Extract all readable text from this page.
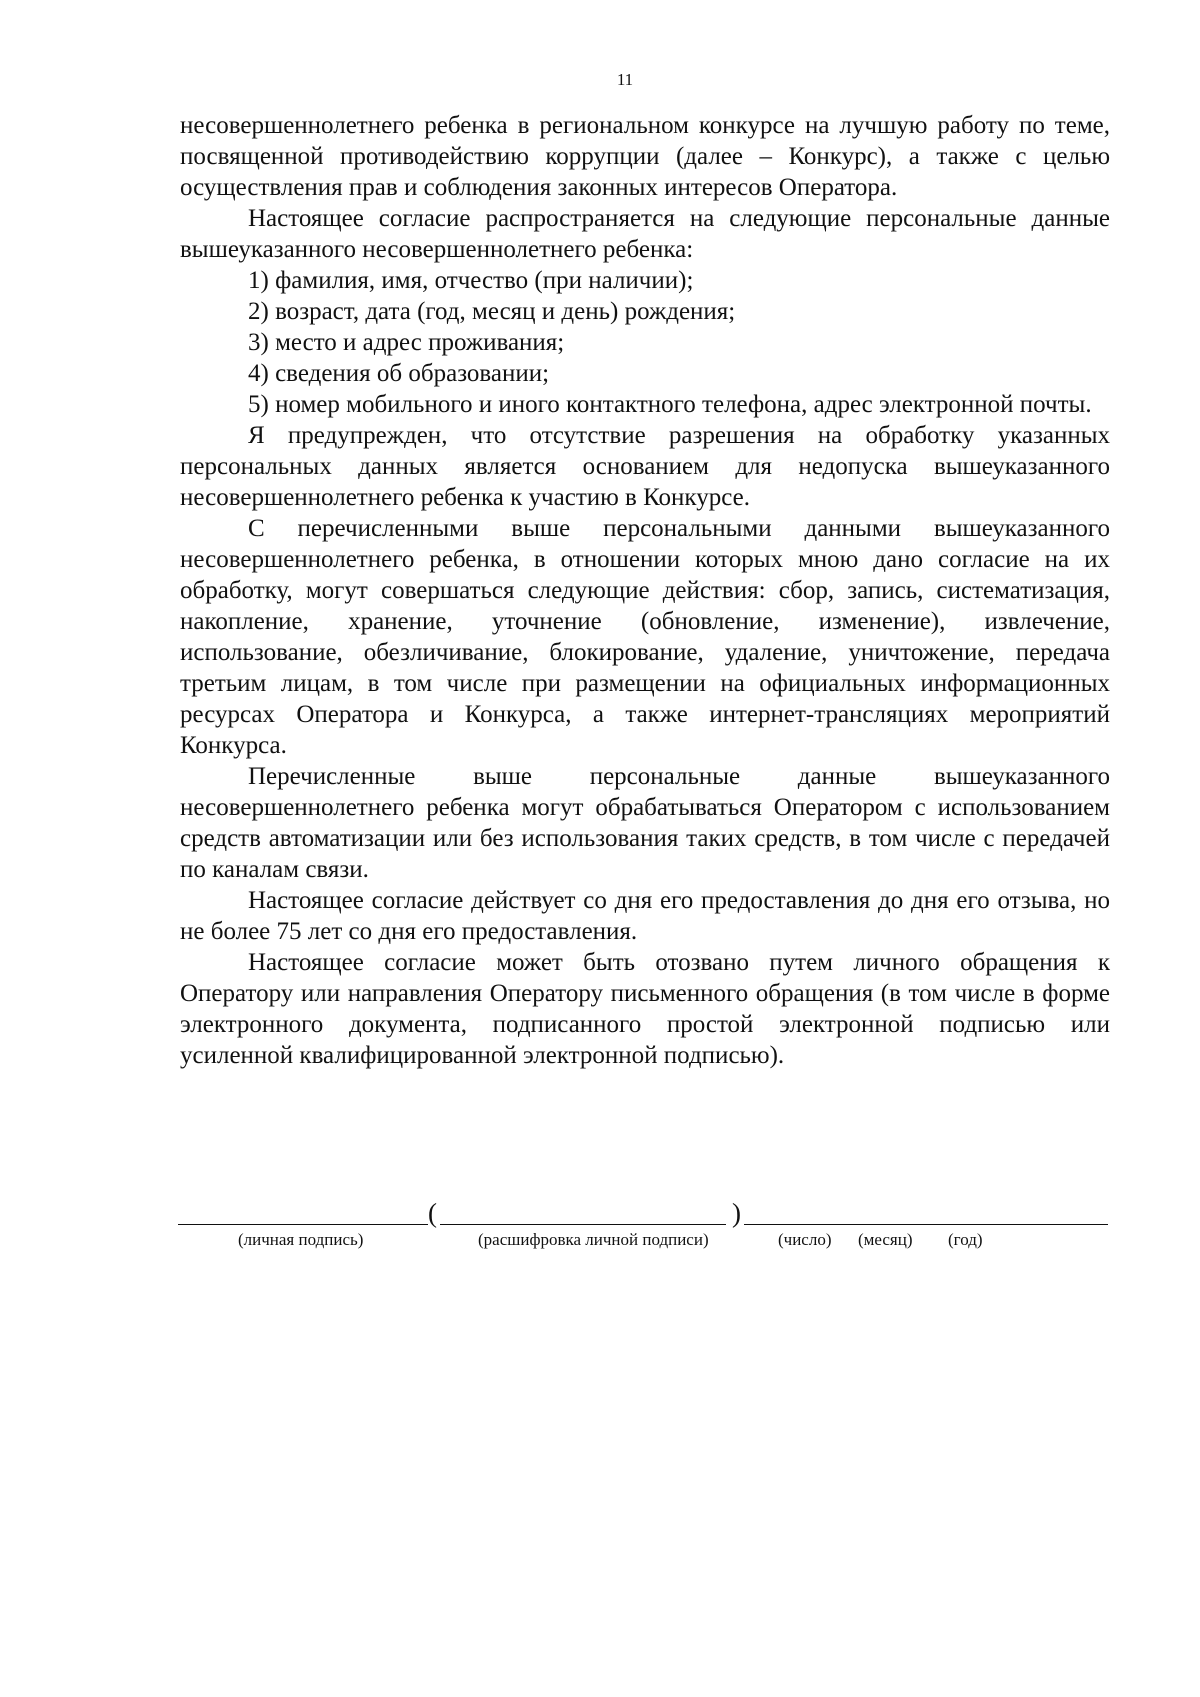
11

несовершеннолетнего ребенка в региональном конкурсе на лучшую работу по теме, посвященной противодействию коррупции (далее – Конкурс), а также с целью осуществления прав и соблюдения законных интересов Оператора.

Настоящее согласие распространяется на следующие персональные данные вышеуказанного несовершеннолетнего ребенка:

1) фамилия, имя, отчество (при наличии);

2) возраст, дата (год, месяц и день) рождения;

3) место и адрес проживания;

4) сведения об образовании;

5) номер мобильного и иного контактного телефона, адрес электронной почты.

Я предупрежден, что отсутствие разрешения на обработку указанных персональных данных является основанием для недопуска вышеуказанного несовершеннолетнего ребенка к участию в Конкурсе.

С перечисленными выше персональными данными вышеуказанного несовершеннолетнего ребенка, в отношении которых мною дано согласие на их обработку, могут совершаться следующие действия: сбор, запись, систематизация, накопление, хранение, уточнение (обновление, изменение), извлечение, использование, обезличивание, блокирование, удаление, уничтожение, передача третьим лицам, в том числе при размещении на официальных информационных ресурсах Оператора и Конкурса, а также интернет-трансляциях мероприятий Конкурса.

Перечисленные выше персональные данные вышеуказанного несовершеннолетнего ребенка могут обрабатываться Оператором с использованием средств автоматизации или без использования таких средств, в том числе с передачей по каналам связи.

Настоящее согласие действует со дня его предоставления до дня его отзыва, но не более 75 лет со дня его предоставления.

Настоящее согласие может быть отозвано путем личного обращения к Оператору или направления Оператору письменного обращения (в том числе в форме электронного документа, подписанного простой электронной подписью или усиленной квалифицированной электронной подписью).

(	)
(личная подпись)	(расшифровка личной подписи)	(число) (месяц) (год)
